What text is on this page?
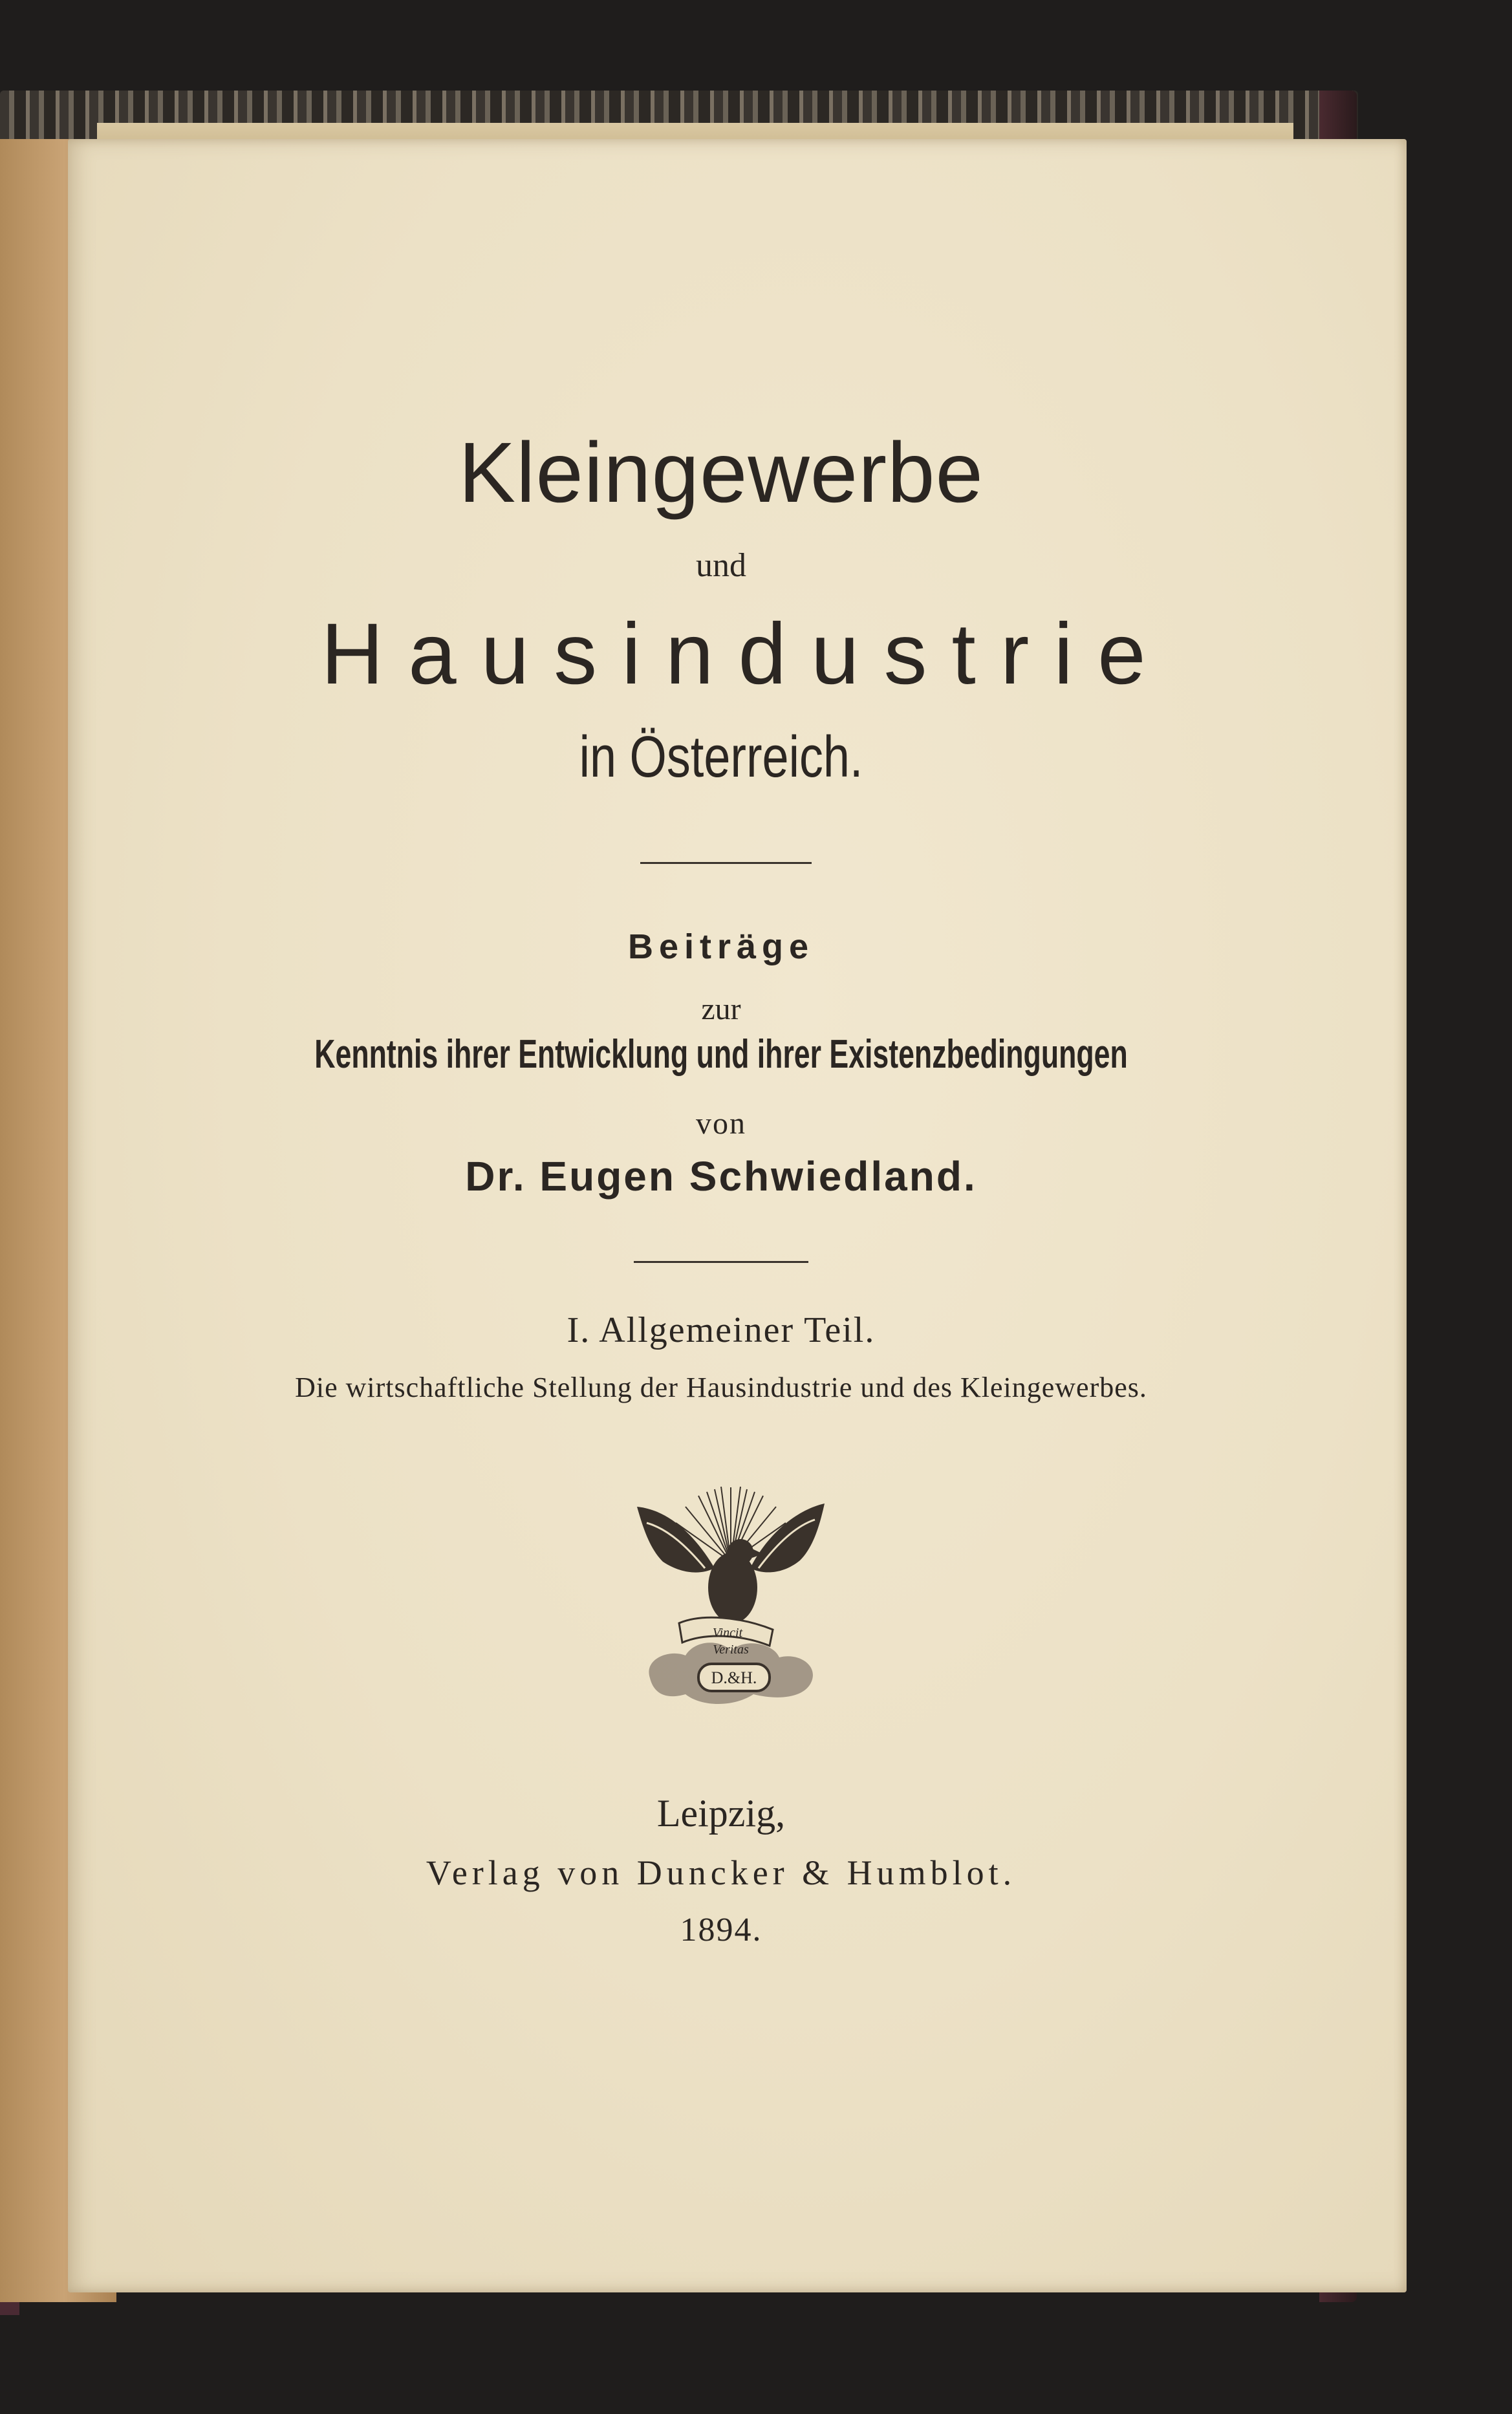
Kleingewerbe
und
Hausindustrie
in Österreich.
Beiträge
zur
Kenntnis ihrer Entwicklung und ihrer Existenzbedingungen
von
Dr. Eugen Schwiedland.
I. Allgemeiner Teil.
Die wirtschaftliche Stellung der Hausindustrie und des Kleingewerbes.
Vincit
Veritas
D.&H.
Leipzig,
Verlag von Duncker & Humblot.
1894.
